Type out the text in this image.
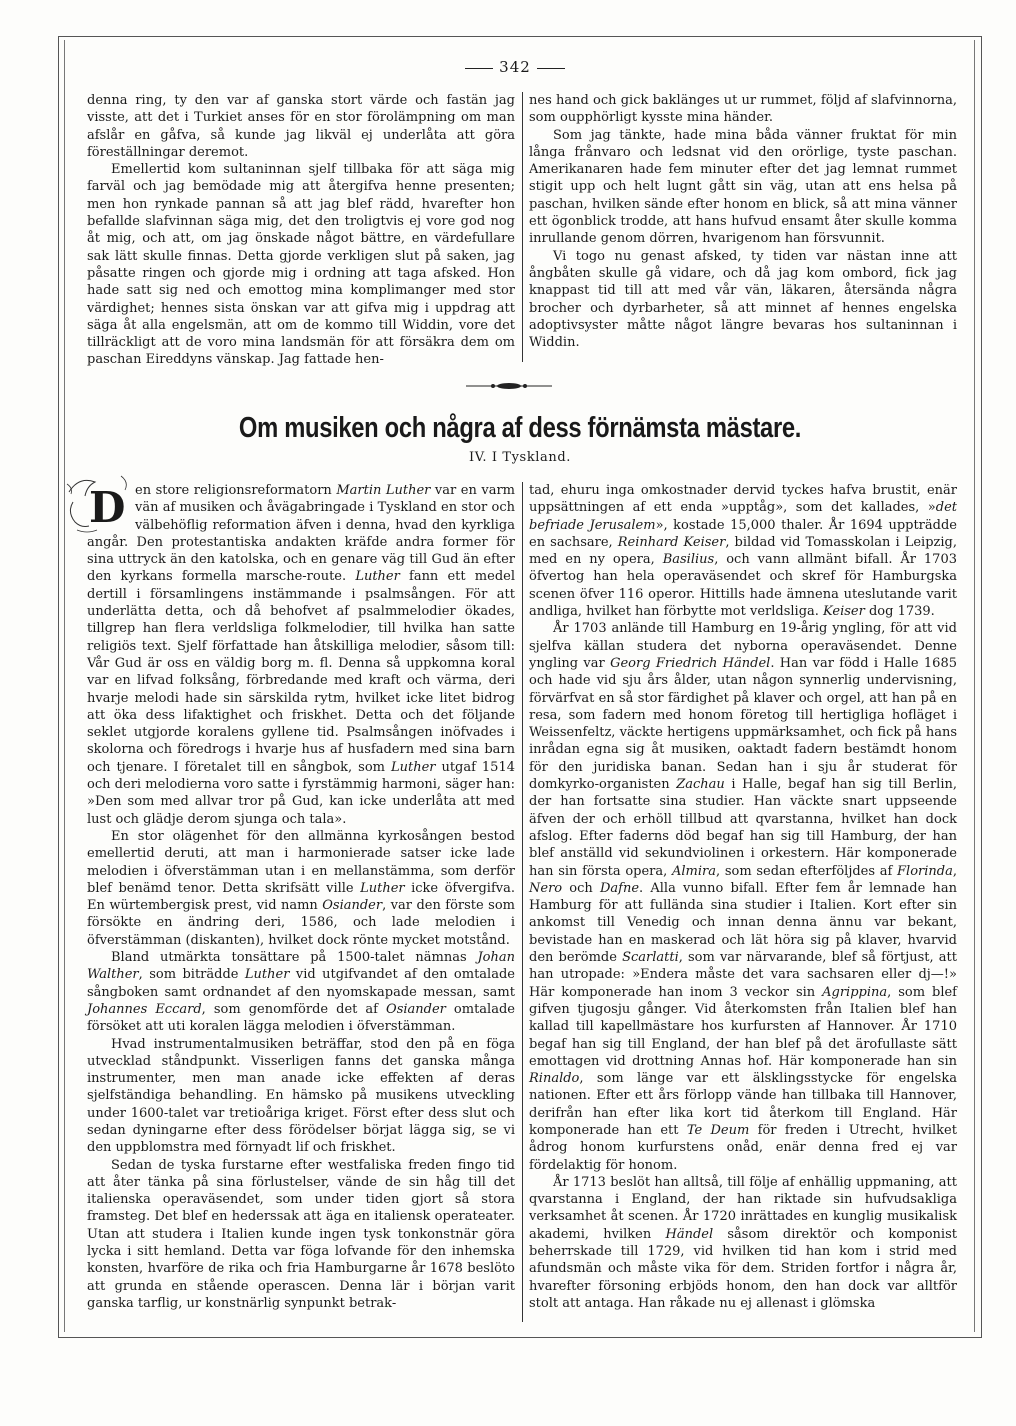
342

denna ring, ty den var af ganska stort värde och fastän jag visste, att det i Turkiet anses för en stor förolämpning om man afslår en gåfva, så kunde jag likväl ej underlåta att göra föreställningar deremot.

Emellertid kom sultaninnan sjelf tillbaka för att säga mig farväl och jag bemödade mig att återgifva henne presenten; men hon rynkade pannan så att jag blef rädd, hvarefter hon befallde slafvinnan säga mig, det den troligtvis ej vore god nog åt mig, och att, om jag önskade något bättre, en värdefullare sak lätt skulle finnas. Detta gjorde verkligen slut på saken, jag påsatte ringen och gjorde mig i ordning att taga afsked. Hon hade satt sig ned och emottog mina komplimanger med stor värdighet; hennes sista önskan var att gifva mig i uppdrag att säga åt alla engelsmän, att om de kommo till Widdin, vore det tillräckligt att de voro mina landsmän för att försäkra dem om paschan Eireddyns vänskap. Jag fattade hen-

nes hand och gick baklänges ut ur rummet, följd af slafvinnorna, som oupphörligt kysste mina händer.

Som jag tänkte, hade mina båda vänner fruktat för min långa frånvaro och ledsnat vid den orörlige, tyste paschan. Amerikanaren hade fem minuter efter det jag lemnat rummet stigit upp och helt lugnt gått sin väg, utan att ens helsa på paschan, hvilken sände efter honom en blick, så att mina vänner ett ögonblick trodde, att hans hufvud ensamt åter skulle komma inrullande genom dörren, hvarigenom han försvunnit.

Vi togo nu genast afsked, ty tiden var nästan inne att ångbåten skulle gå vidare, och då jag kom ombord, fick jag knappast tid till att med vår vän, läkaren, återsända några brocher och dyrbarheter, så att minnet af hennes engelska adoptivsyster måtte något längre bevaras hos sultaninnan i Widdin.

Om musiken och några af dess förnämsta mästare.
IV. I Tyskland.

D en store religionsreformatorn Martin Luther var en varm vän af musiken och åvägabringade i Tyskland en stor och välbehöflig reformation äfven i denna, hvad den kyrkliga angår. Den protestantiska andakten kräfde andra former för sina uttryck än den katolska, och en genare väg till Gud än efter den kyrkans formella marsche-route. Luther fann ett medel dertill i församlingens instämmande i psalmsången. För att underlätta detta, och då behofvet af psalmmelodier ökades, tillgrep han flera verldsliga folkmelodier, till hvilka han satte religiös text. Sjelf författade han åtskilliga melodier, såsom till: Vår Gud är oss en väldig borg m. fl. Denna så uppkomna koral var en lifvad folksång, förbredande med kraft och värma, deri hvarje melodi hade sin särskilda rytm, hvilket icke litet bidrog att öka dess lifaktighet och friskhet. Detta och det följande seklet utgjorde koralens gyllene tid. Psalmsången inöfvades i skolorna och föredrogs i hvarje hus af husfadern med sina barn och tjenare. I företalet till en sångbok, som Luther utgaf 1514 och deri melodierna voro satte i fyrstämmig harmoni, säger han: »Den som med allvar tror på Gud, kan icke underlåta att med lust och glädje derom sjunga och tala».

En stor olägenhet för den allmänna kyrkosången bestod emellertid deruti, att man i harmonierade satser icke lade melodien i öfverstämman utan i en mellanstämma, som derför blef benämd tenor. Detta skrifsätt ville Luther icke öfvergifva. En würtembergisk prest, vid namn Osiander, var den förste som försökte en ändring deri, 1586, och lade melodien i öfverstämman (diskanten), hvilket dock rönte mycket motstånd.

Bland utmärkta tonsättare på 1500-talet nämnas Johan Walther, som biträdde Luther vid utgifvandet af den omtalade sångboken samt ordnandet af den nyomskapade messan, samt Johannes Eccard, som genomförde det af Osiander omtalade försöket att uti koralen lägga melodien i öfverstämman.

Hvad instrumentalmusiken beträffar, stod den på en föga utvecklad ståndpunkt. Visserligen fanns det ganska många instrumenter, men man anade icke effekten af deras sjelfständiga behandling. En hämsko på musikens utveckling under 1600-talet var tretioåriga kriget. Först efter dess slut och sedan dyningarne efter dess förödelser börjat lägga sig, se vi den uppblomstra med förnyadt lif och friskhet.

Sedan de tyska furstarne efter westfaliska freden fingo tid att åter tänka på sina förlustelser, vände de sin håg till det italienska operaväsendet, som under tiden gjort så stora framsteg. Det blef en hederssak att äga en italiensk operateater. Utan att studera i Italien kunde ingen tysk tonkonstnär göra lycka i sitt hemland. Detta var föga lofvande för den inhemska konsten, hvarföre de rika och fria Hamburgarne år 1678 beslöto att grunda en stående operascen. Denna lär i början varit ganska tarflig, ur konstnärlig synpunkt betrak-

tad, ehuru inga omkostnader dervid tyckes hafva brustit, enär uppsättningen af ett enda »upptåg», som det kallades, »det befriade Jerusalem», kostade 15,000 thaler. År 1694 uppträdde en sachsare, Reinhard Keiser, bildad vid Tomasskolan i Leipzig, med en ny opera, Basilius, och vann allmänt bifall. År 1703 öfvertog han hela operaväsendet och skref för Hamburgska scenen öfver 116 operor. Hittills hade ämnena uteslutande varit andliga, hvilket han förbytte mot verldsliga. Keiser dog 1739.

År 1703 anlände till Hamburg en 19-årig yngling, för att vid sjelfva källan studera det nyborna operaväsendet. Denne yngling var Georg Friedrich Händel. Han var född i Halle 1685 och hade vid sju års ålder, utan någon synnerlig undervisning, förvärfvat en så stor färdighet på klaver och orgel, att han på en resa, som fadern med honom företog till hertigliga hofläget i Weissenfeltz, väckte hertigens uppmärksamhet, och fick på hans inrådan egna sig åt musiken, oaktadt fadern bestämdt honom för den juridiska banan. Sedan han i sju år studerat för domkyrko-organisten Zachau i Halle, begaf han sig till Berlin, der han fortsatte sina studier. Han väckte snart uppseende äfven der och erhöll tillbud att qvarstanna, hvilket han dock afslog. Efter faderns död begaf han sig till Hamburg, der han blef anställd vid sekundviolinen i orkestern. Här komponerade han sin första opera, Almira, som sedan efterföljdes af Florinda, Nero och Dafne. Alla vunno bifall. Efter fem år lemnade han Hamburg för att fullända sina studier i Italien. Kort efter sin ankomst till Venedig och innan denna ännu var bekant, bevistade han en maskerad och lät höra sig på klaver, hvarvid den berömde Scarlatti, som var närvarande, blef så förtjust, att han utropade: »Endera måste det vara sachsaren eller dj—!» Här komponerade han inom 3 veckor sin Agrippina, som blef gifven tjugosju gånger. Vid återkomsten från Italien blef han kallad till kapellmästare hos kurfursten af Hannover. År 1710 begaf han sig till England, der han blef på det ärofullaste sätt emottagen vid drottning Annas hof. Här komponerade han sin Rinaldo, som länge var ett älsklingsstycke för engelska nationen. Efter ett års förlopp vände han tillbaka till Hannover, derifrån han efter lika kort tid återkom till England. Här komponerade han ett Te Deum för freden i Utrecht, hvilket ådrog honom kurfurstens onåd, enär denna fred ej var fördelaktig för honom.

År 1713 beslöt han alltså, till följe af enhällig uppmaning, att qvarstanna i England, der han riktade sin hufvudsakliga verksamhet åt scenen. År 1720 inrättades en kunglig musikalisk akademi, hvilken Händel såsom direktör och komponist beherrskade till 1729, vid hvilken tid han kom i strid med afundsmän och måste vika för dem. Striden fortfor i några år, hvarefter försoning erbjöds honom, den han dock var alltför stolt att antaga. Han råkade nu ej allenast i glömska
